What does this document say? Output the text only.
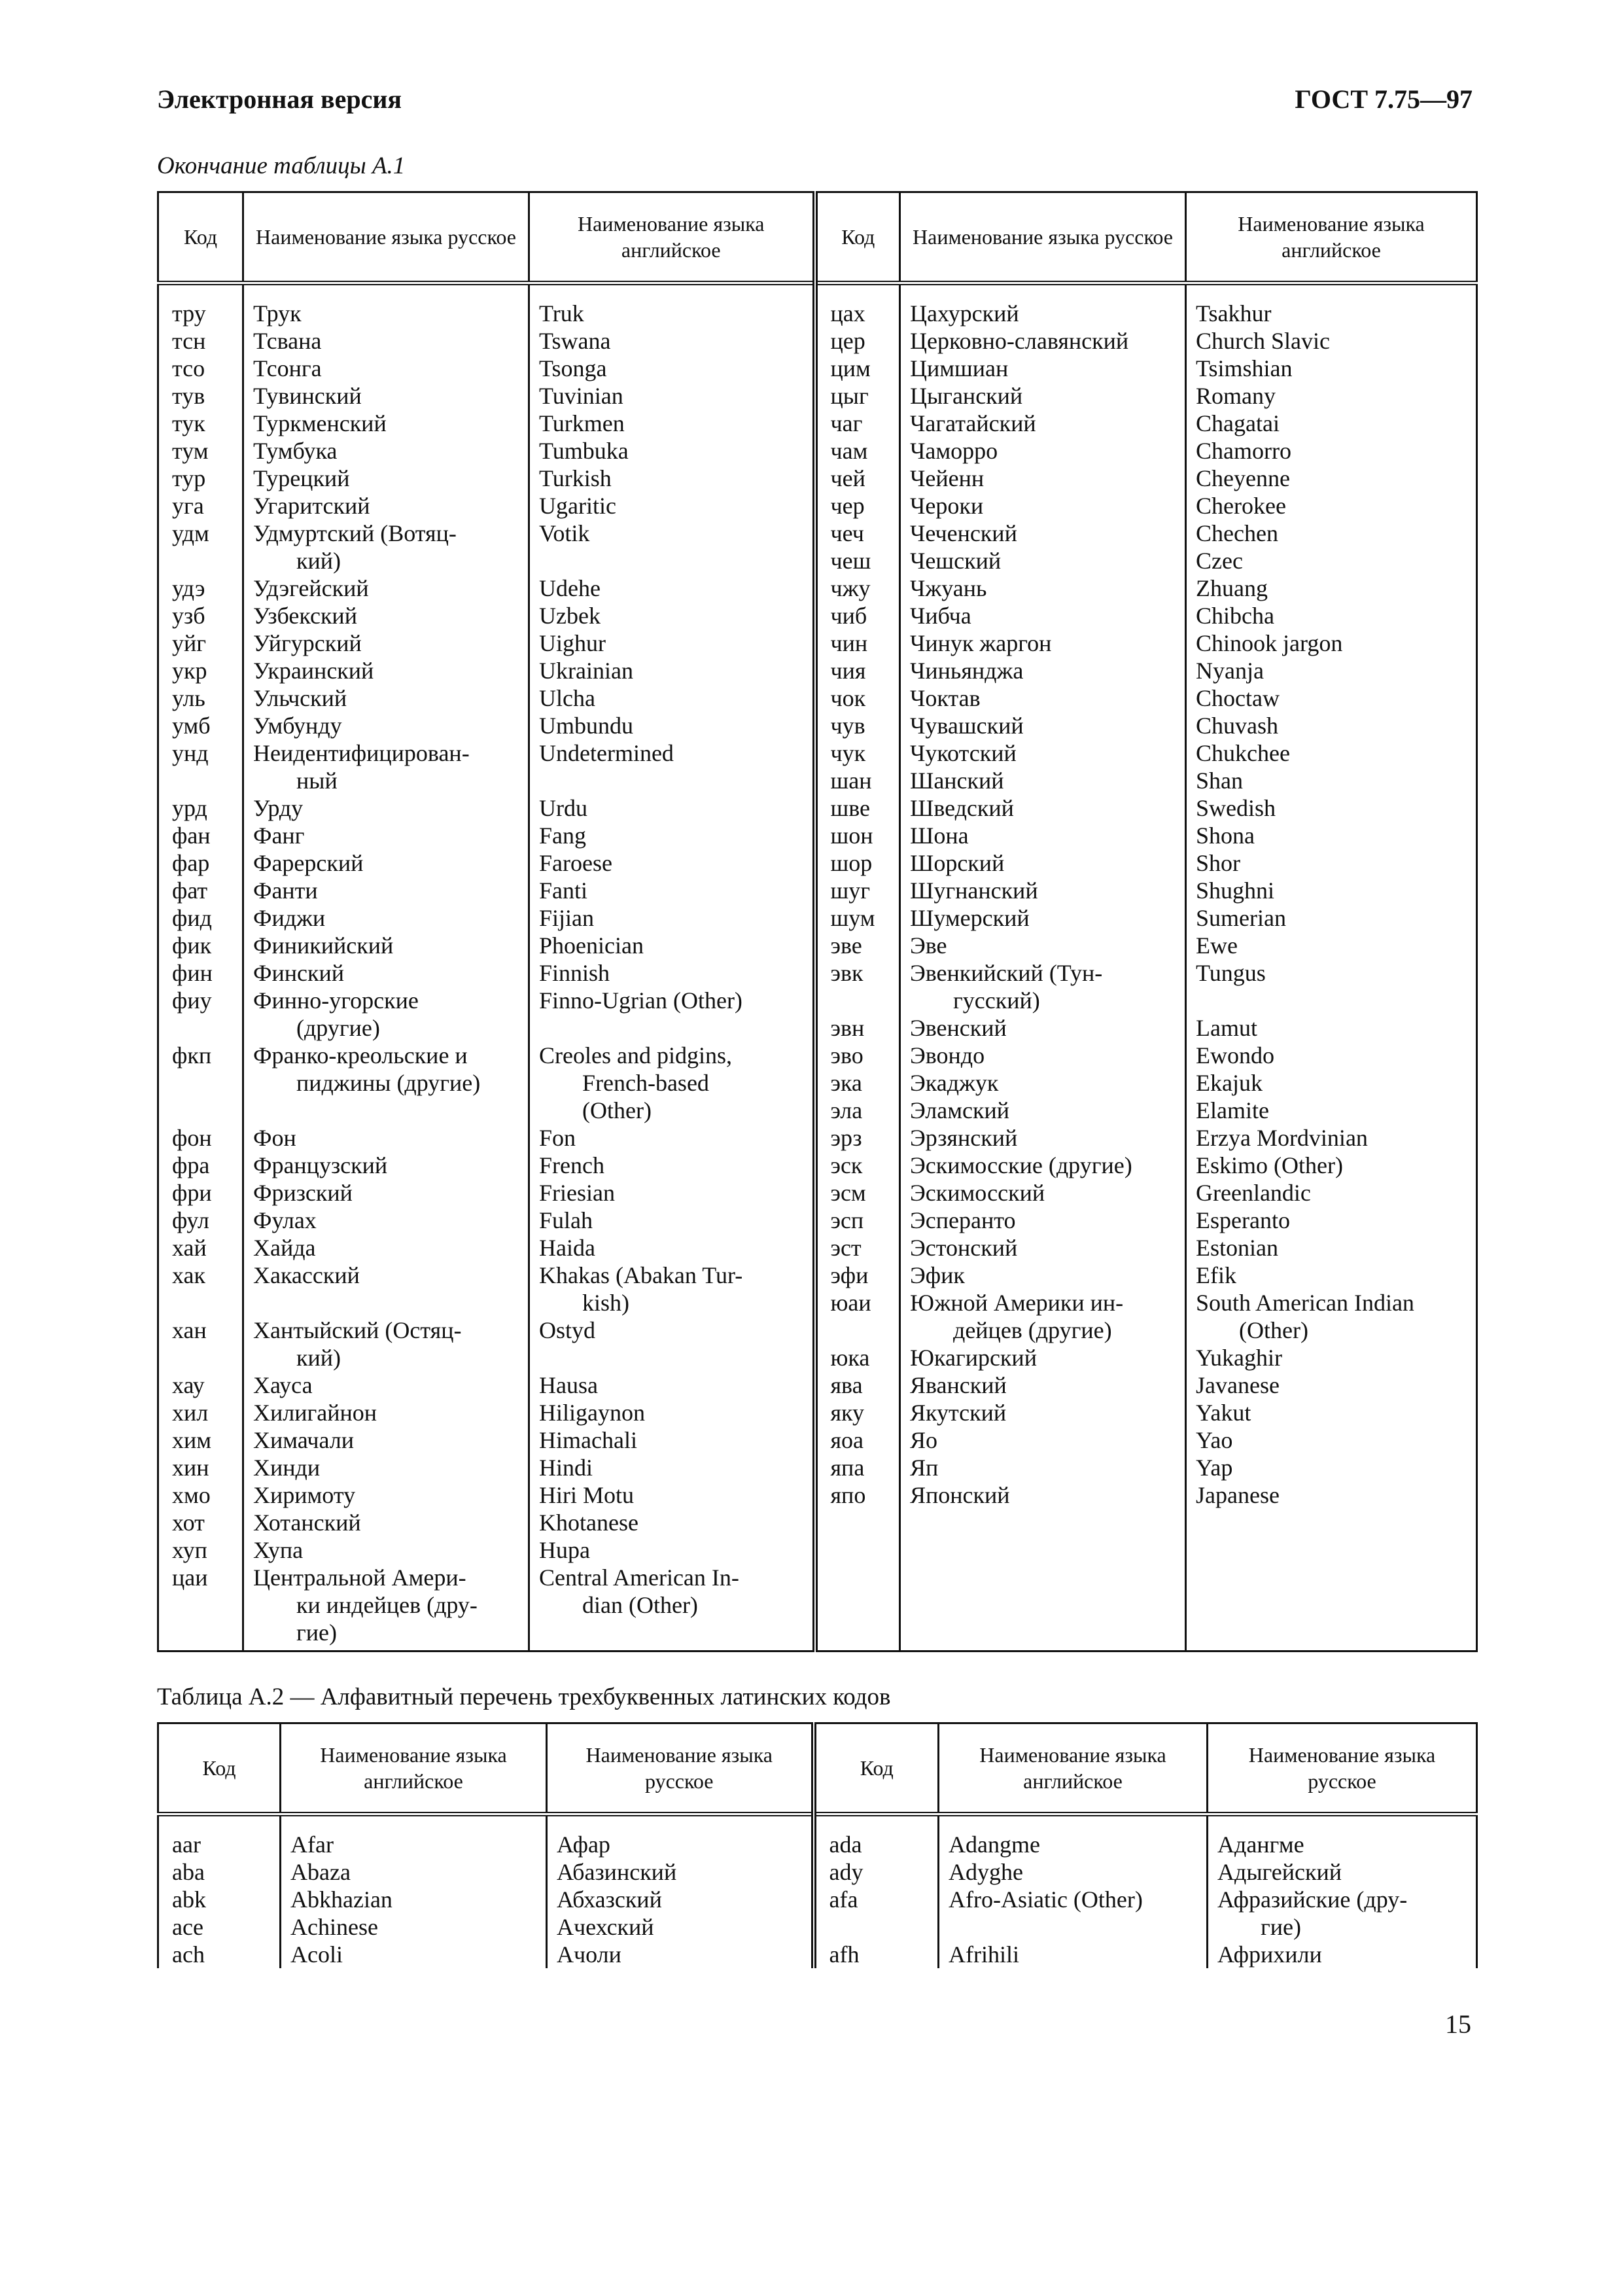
Электронная версия	ГОСТ 7.75—97
Окончание таблицы А.1
Код	Наименование языка русское	Наименование языка английское	Код	Наименование языка русское	Наименование языка английское
тру	Трук	Truk	цах	Цахурский	Tsakhur
тсн	Тсвана	Tswana	цер	Церковно-славянский	Church Slavic
тсо	Тсонга	Tsonga	цим	Цимшиан	Tsimshian
тув	Тувинский	Tuvinian	цыг	Цыганский	Romany
тук	Туркменский	Turkmen	чаг	Чагатайский	Chagatai
тум	Тумбука	Tumbuka	чам	Чаморро	Chamorro
тур	Турецкий	Turkish	чей	Чейенн	Cheyenne
уга	Угаритский	Ugaritic	чер	Чероки	Cherokee
удм	Удмуртский (Вотяц-	Votik	чеч	Чеченский	Chechen
	кий)		чеш	Чешский	Czec
удэ	Удэгейский	Udehe	чжу	Чжуань	Zhuang
узб	Узбекский	Uzbek	чиб	Чибча	Chibcha
уйг	Уйгурский	Uighur	чин	Чинук жаргон	Chinook jargon
укр	Украинский	Ukrainian	чия	Чиньянджа	Nyanja
уль	Ульчский	Ulcha	чок	Чоктав	Choctaw
умб	Умбунду	Umbundu	чув	Чувашский	Chuvash
унд	Неидентифицирован-	Undetermined	чук	Чукотский	Chukchee
	ный		шан	Шанский	Shan
урд	Урду	Urdu	шве	Шведский	Swedish
фан	Фанг	Fang	шон	Шона	Shona
фар	Фарерский	Faroese	шор	Шорский	Shor
фат	Фанти	Fanti	шуг	Шугнанский	Shughni
фид	Фиджи	Fijian	шум	Шумерский	Sumerian
фик	Финикийский	Phoenician	эве	Эве	Ewe
фин	Финский	Finnish	эвк	Эвенкийский (Тун-	Tungus
фиу	Финно-угорские	Finno-Ugrian (Other)		гусский)	
	(другие)		эвн	Эвенский	Lamut
фкп	Франко-креольские и	Creoles and pidgins,	эво	Эвондо	Ewondo
	пиджины (другие)	French-based	эка	Экаджук	Ekajuk
		(Other)	эла	Эламский	Elamite
фон	Фон	Fon	эрз	Эрзянский	Erzya Mordvinian
фра	Французский	French	эск	Эскимосские (другие)	Eskimo (Other)
фри	Фризский	Friesian	эсм	Эскимосский	Greenlandic
фул	Фулах	Fulah	эсп	Эсперанто	Esperanto
хай	Хайда	Haida	эст	Эстонский	Estonian
хак	Хакасский	Khakas (Abakan Tur-	эфи	Эфик	Efik
		kish)	юаи	Южной Америки ин-	South American Indian
хан	Хантыйский (Остяц-	Ostyd		дейцев (другие)	(Other)
	кий)		юка	Юкагирский	Yukaghir
хау	Хауса	Hausa	ява	Яванский	Javanese
хил	Хилигайнон	Hiligaynon	яку	Якутский	Yakut
хим	Химачали	Himachali	яоа	Яо	Yao
хин	Хинди	Hindi	япа	Яп	Yap
хмо	Хиримоту	Hiri Motu	япо	Японский	Japanese
хот	Хотанский	Khotanese			
хуп	Хупа	Hupa			
цаи	Центральной Амери-	Central American In-			
	ки индейцев (дру-	dian (Other)			
	гие)				
Таблица А.2 — Алфавитный перечень трехбуквенных латинских кодов
Код	Наименование языка английское	Наименование языка русское	Код	Наименование языка английское	Наименование языка русское
aar	Afar	Афар	ada	Adangme	Адангме
aba	Abaza	Абазинский	ady	Adyghe	Адыгейский
abk	Abkhazian	Абхазский	afa	Afro-Asiatic (Other)	Афразийские (дру-
ace	Achinese	Ачехский			гие)
ach	Acoli	Ачоли	afh	Afrihili	Африхили
15
